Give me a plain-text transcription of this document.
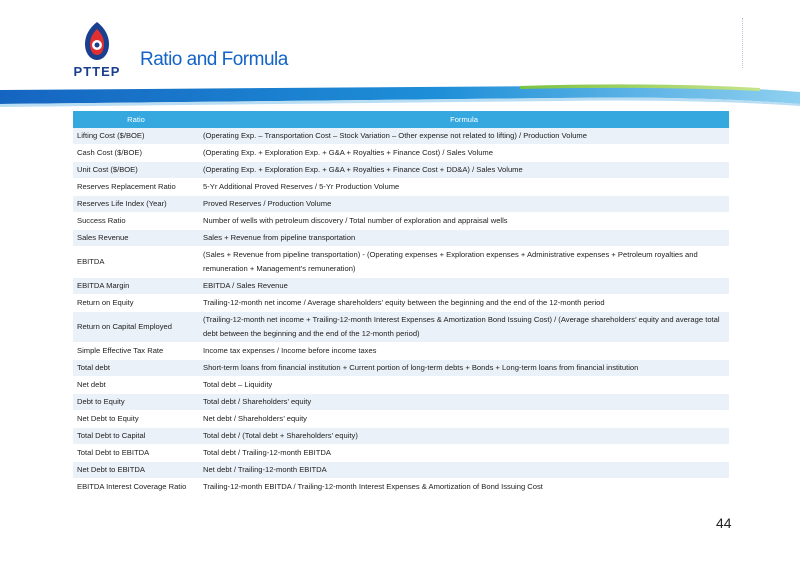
PTTEP
Ratio and Formula
Ratio	Formula
Lifting Cost ($/BOE)	(Operating Exp. – Transportation Cost – Stock Variation – Other expense not related to lifting) / Production Volume
Cash Cost ($/BOE)	(Operating Exp. + Exploration Exp. + G&A + Royalties + Finance Cost) / Sales Volume
Unit Cost ($/BOE)	(Operating Exp. + Exploration Exp. + G&A + Royalties + Finance Cost + DD&A) / Sales Volume
Reserves Replacement Ratio	5-Yr Additional Proved Reserves / 5-Yr Production Volume
Reserves Life Index (Year)	Proved Reserves / Production Volume
Success Ratio	Number of wells with petroleum discovery / Total number of exploration and appraisal wells
Sales Revenue	Sales + Revenue from pipeline transportation
EBITDA	(Sales + Revenue from pipeline transportation) - (Operating expenses + Exploration expenses + Administrative expenses + Petroleum royalties and remuneration + Management’s remuneration)
EBITDA Margin	EBITDA / Sales Revenue
Return on Equity	Trailing-12-month net income / Average shareholders’ equity between the beginning and the end of the 12-month period
Return on Capital Employed	(Trailing-12-month net income + Trailing-12-month Interest Expenses & Amortization Bond Issuing Cost) / (Average shareholders’ equity and average total debt between the beginning and the end of the 12-month period)
Simple Effective Tax Rate	Income tax expenses / Income before income taxes
Total debt	Short-term loans from financial institution + Current portion of long-term debts + Bonds + Long-term loans from financial institution
Net debt	Total debt – Liquidity
Debt to Equity	Total debt / Shareholders’ equity
Net Debt to Equity	Net debt / Shareholders’ equity
Total Debt to Capital	Total debt / (Total debt + Shareholders’ equity)
Total Debt to EBITDA	Total debt / Trailing-12-month EBITDA
Net Debt to EBITDA	Net debt / Trailing-12-month EBITDA
EBITDA Interest Coverage Ratio	Trailing-12-month EBITDA / Trailing-12-month Interest Expenses & Amortization of Bond Issuing Cost
44
